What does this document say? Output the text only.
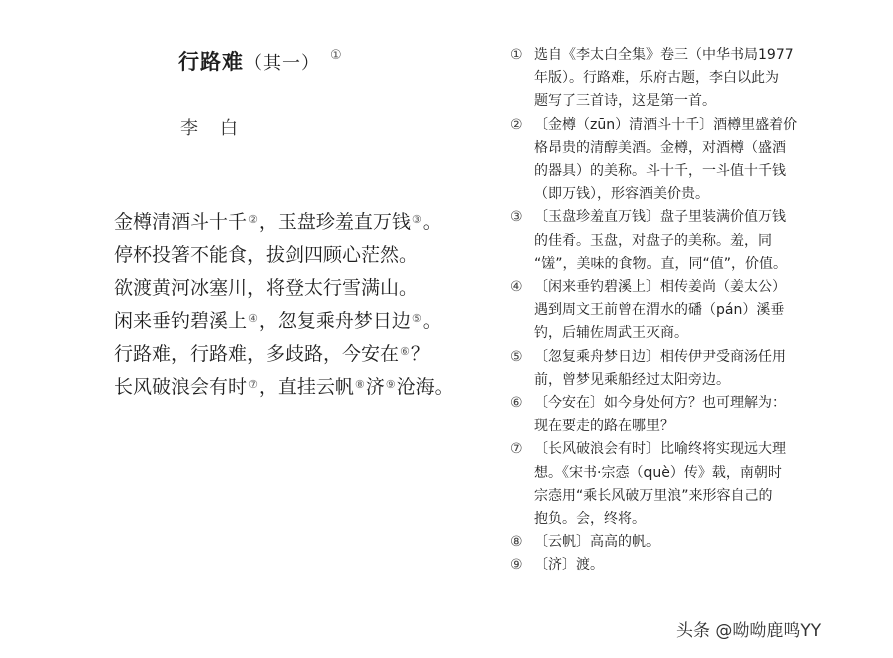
行路难（其一） ①
李白
金樽清酒斗十千②，玉盘珍羞直万钱③。
停杯投箸不能食，拔剑四顾心茫然。
欲渡黄河冰塞川，将登太行雪满山。
闲来垂钓碧溪上④，忽复乘舟梦日边⑤。
行路难，行路难，多歧路，今安在⑥？
长风破浪会有时⑦，直挂云帆⑧济⑨沧海。
① 选自《李太白全集》卷三（中华书局1977
年版）。行路难，乐府古题，李白以此为
题写了三首诗，这是第一首。
② 〔金樽（zūn）清酒斗十千〕酒樽里盛着价
格昂贵的清醇美酒。金樽，对酒樽（盛酒
的器具）的美称。斗十千，一斗值十千钱
（即万钱），形容酒美价贵。
③ 〔玉盘珍羞直万钱〕盘子里装满价值万钱
的佳肴。玉盘，对盘子的美称。羞，同
“馐”，美味的食物。直，同“值”，价值。
④ 〔闲来垂钓碧溪上〕相传姜尚（姜太公）
遇到周文王前曾在渭水的磻（pán）溪垂
钓，后辅佐周武王灭商。
⑤ 〔忽复乘舟梦日边〕相传伊尹受商汤任用
前，曾梦见乘船经过太阳旁边。
⑥ 〔今安在〕如今身处何方？也可理解为：
现在要走的路在哪里？
⑦ 〔长风破浪会有时〕比喻终将实现远大理
想。《宋书·宗悫（què）传》载，南朝时
宗悫用“乘长风破万里浪”来形容自己的
抱负。会，终将。
⑧ 〔云帆〕高高的帆。
⑨ 〔济〕渡。
头条 @呦呦鹿鸣YY
